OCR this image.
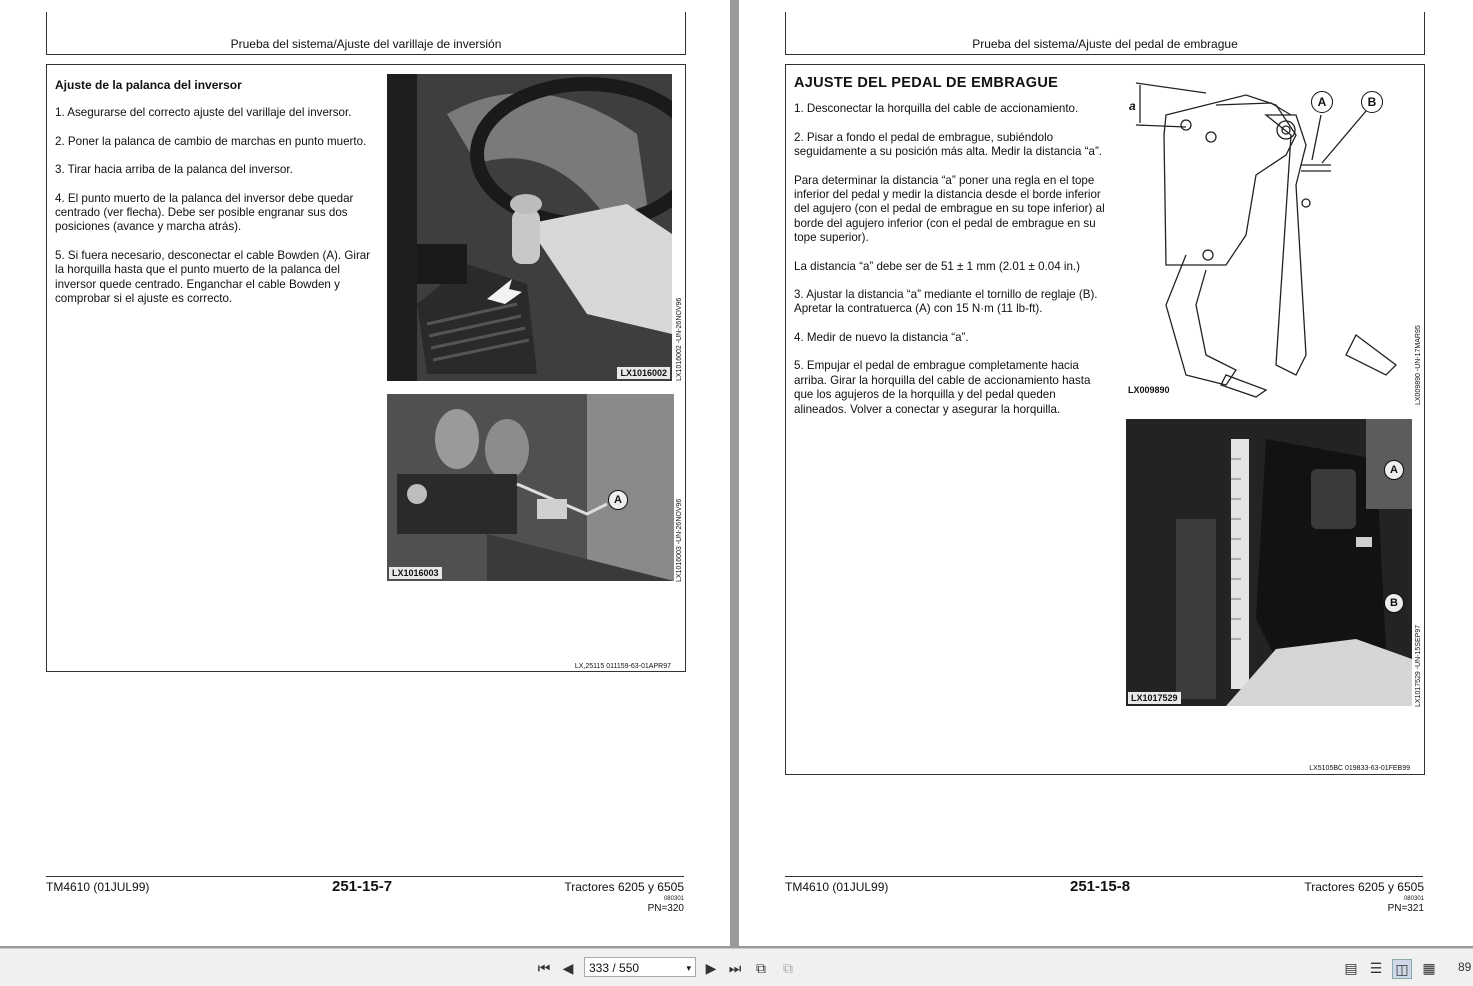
Prueba del sistema/Ajuste del varillaje de inversión

Ajuste de la palanca del inversor

1. Asegurarse del correcto ajuste del varillaje del inversor.

2. Poner la palanca de cambio de marchas en punto muerto.

3. Tirar hacia arriba de la palanca del inversor.

4. El punto muerto de la palanca del inversor debe quedar centrado (ver flecha). Debe ser posible engranar sus dos posiciones (avance y marcha atrás).

5. Si fuera necesario, desconectar el cable Bowden (A). Girar la horquilla hasta que el punto muerto de la palanca del inversor quede centrado. Enganchar el cable Bowden y comprobar si el ajuste es correcto.

LX1016002	LX1016002 -UN-26NOV96
A
LX1016003	LX1016003 -UN-26NOV96
LX,25115 011159-63-01APR97
TM4610 (01JUL99)	251-15-7	Tractores 6205 y 6505
080301
PN=320
Prueba del sistema/Ajuste del pedal de embrague

AJUSTE DEL PEDAL DE EMBRAGUE

1. Desconectar la horquilla del cable de accionamiento.

2. Pisar a fondo el pedal de embrague, subiéndolo seguidamente a su posición más alta. Medir la distancia “a”.

Para determinar la distancia “a” poner una regla en el tope inferior del pedal y medir la distancia desde el borde inferior del agujero (con el pedal de embrague en su tope inferior) al borde del agujero inferior (con el pedal de embrague en su tope superior).

La distancia “a” debe ser de 51 ± 1 mm (2.01 ± 0.04 in.)

3. Ajustar la distancia “a” mediante el tornillo de reglaje (B). Apretar la contratuerca (A) con 15 N·m (11 lb-ft).

4. Medir de nuevo la distancia “a”.

5. Empujar el pedal de embrague completamente hacia arriba. Girar la horquilla del cable de accionamiento hasta que los agujeros de la horquilla y del pedal queden alineados. Volver a conectar y asegurar la horquilla.

a	A	B
LX009890	LX009890 -UN-17MAR95
A
B
LX1017529	LX1017529 -UN-15SEP97
LX5105BC 019833-63-01FEB99
TM4610 (01JUL99)	251-15-8	Tractores 6205 y 6505
080301
PN=321
⏮ ◀	333 / 550	▾ ▶ ⏭ ⧉ ⧉	▤ ☰ ◫ ▦ 89
